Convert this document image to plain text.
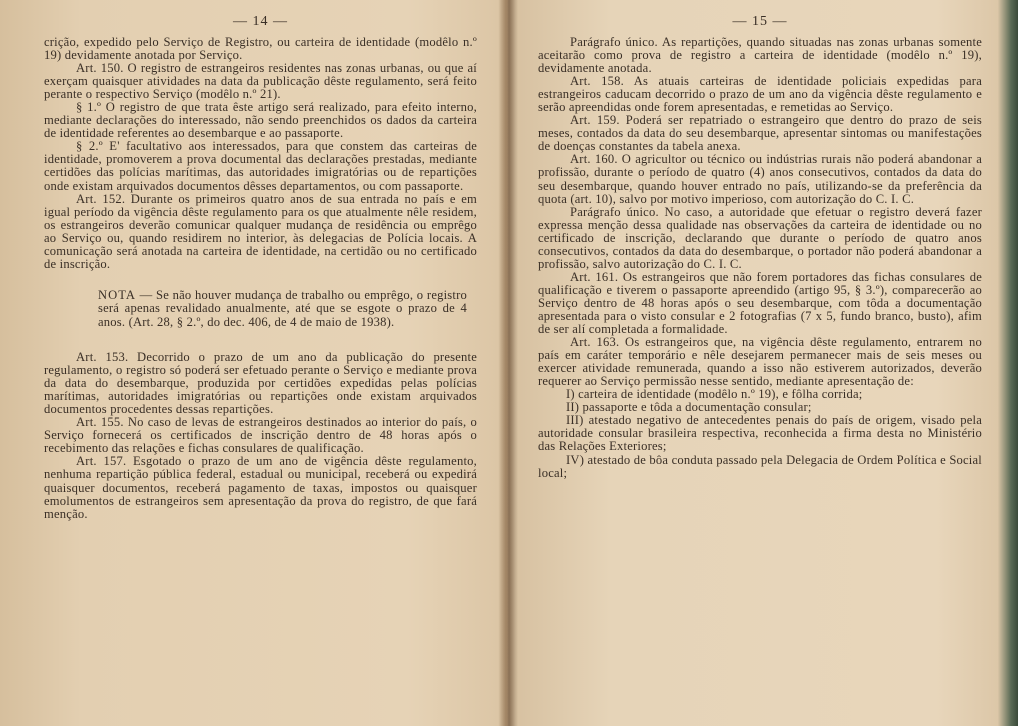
— 14 —

crição, expedido pelo Serviço de Registro, ou carteira de identidade (modêlo n.º 19) devidamente anotada por Serviço.

Art. 150. O registro de estrangeiros residentes nas zonas urbanas, ou que aí exerçam quaisquer atividades na data da publicação dêste regulamento, será feito perante o respectivo Serviço (modêlo n.º 21).

§ 1.º O registro de que trata êste artigo será realizado, para efeito interno, mediante declarações do interessado, não sendo preenchidos os dados da carteira de identidade referentes ao desembarque e ao passaporte.

§ 2.º E' facultativo aos interessados, para que constem das carteiras de identidade, promoverem a prova documental das declarações prestadas, mediante certidões das polícias marítimas, das autoridades imigratórias ou de repartições onde existam arquivados documentos dêsses departamentos, ou com passaporte.

Art. 152. Durante os primeiros quatro anos de sua entrada no país e em igual período da vigência dêste regulamento para os que atualmente nêle residem, os estrangeiros deverão comunicar qualquer mudança de residência ou emprêgo ao Serviço ou, quando residirem no interior, às delegacias de Polícia locais. A comunicação será anotada na carteira de identidade, na certidão ou no certificado de inscrição.

NOTA — Se não houver mudança de trabalho ou emprêgo, o registro será apenas revalidado anualmente, até que se esgote o prazo de 4 anos. (Art. 28, § 2.º, do dec. 406, de 4 de maio de 1938).

Art. 153. Decorrido o prazo de um ano da publicação do presente regulamento, o registro só poderá ser efetuado perante o Serviço e mediante prova da data do desembarque, produzida por certidões expedidas pelas polícias marítimas, autoridades imigratórias ou repartições onde existam arquivados documentos procedentes dessas repartições.

Art. 155. No caso de levas de estrangeiros destinados ao interior do país, o Serviço fornecerá os certificados de inscrição dentro de 48 horas após o recebimento das relações e fichas consulares de qualificação.

Art. 157. Esgotado o prazo de um ano de vigência dêste regulamento, nenhuma repartição pública federal, estadual ou municipal, receberá ou expedirá quaisquer documentos, receberá pagamento de taxas, impostos ou quaisquer emolumentos de estrangeiros sem apresentação da prova do registro, de que fará menção.

— 15 —

Parágrafo único. As repartições, quando situadas nas zonas urbanas somente aceitarão como prova de registro a carteira de identidade (modêlo n.º 19), devidamente anotada.

Art. 158. As atuais carteiras de identidade policiais expedidas para estrangeiros caducam decorrido o prazo de um ano da vigência dêste regulamento e serão apreendidas onde forem apresentadas, e remetidas ao Serviço.

Art. 159. Poderá ser repatriado o estrangeiro que dentro do prazo de seis meses, contados da data do seu desembarque, apresentar sintomas ou manifestações de doenças constantes da tabela anexa.

Art. 160. O agricultor ou técnico ou indústrias rurais não poderá abandonar a profissão, durante o período de quatro (4) anos consecutivos, contados da data do seu desembarque, quando houver entrado no país, utilizando-se da preferência da quota (art. 10), salvo por motivo imperioso, com autorização do C. I. C.

Parágrafo único. No caso, a autoridade que efetuar o registro deverá fazer expressa menção dessa qualidade nas observações da carteira de identidade ou no certificado de inscrição, declarando que durante o período de quatro anos consecutivos, contados da data do desembarque, o portador não poderá abandonar a profissão, salvo autorização do C. I. C.

Art. 161. Os estrangeiros que não forem portadores das fichas consulares de qualificação e tiverem o passaporte apreendido (artigo 95, § 3.º), comparecerão ao Serviço dentro de 48 horas após o seu desembarque, com tôda a documentação apresentada para o visto consular e 2 fotografias (7 x 5, fundo branco, busto), afim de ser alí completada a formalidade.

Art. 163. Os estrangeiros que, na vigência dêste regulamento, entrarem no país em caráter temporário e nêle desejarem permanecer mais de seis meses ou exercer atividade remunerada, quando a isso não estiverem autorizados, deverão requerer ao Serviço permissão nesse sentido, mediante apresentação de:

I) carteira de identidade (modêlo n.º 19), e fôlha corrida;

II) passaporte e tôda a documentação consular;

III) atestado negativo de antecedentes penais do país de origem, visado pela autoridade consular brasileira respectiva, reconhecida a firma desta no Ministério das Relações Exteriores;

IV) atestado de bôa conduta passado pela Delegacia de Ordem Política e Social local;
